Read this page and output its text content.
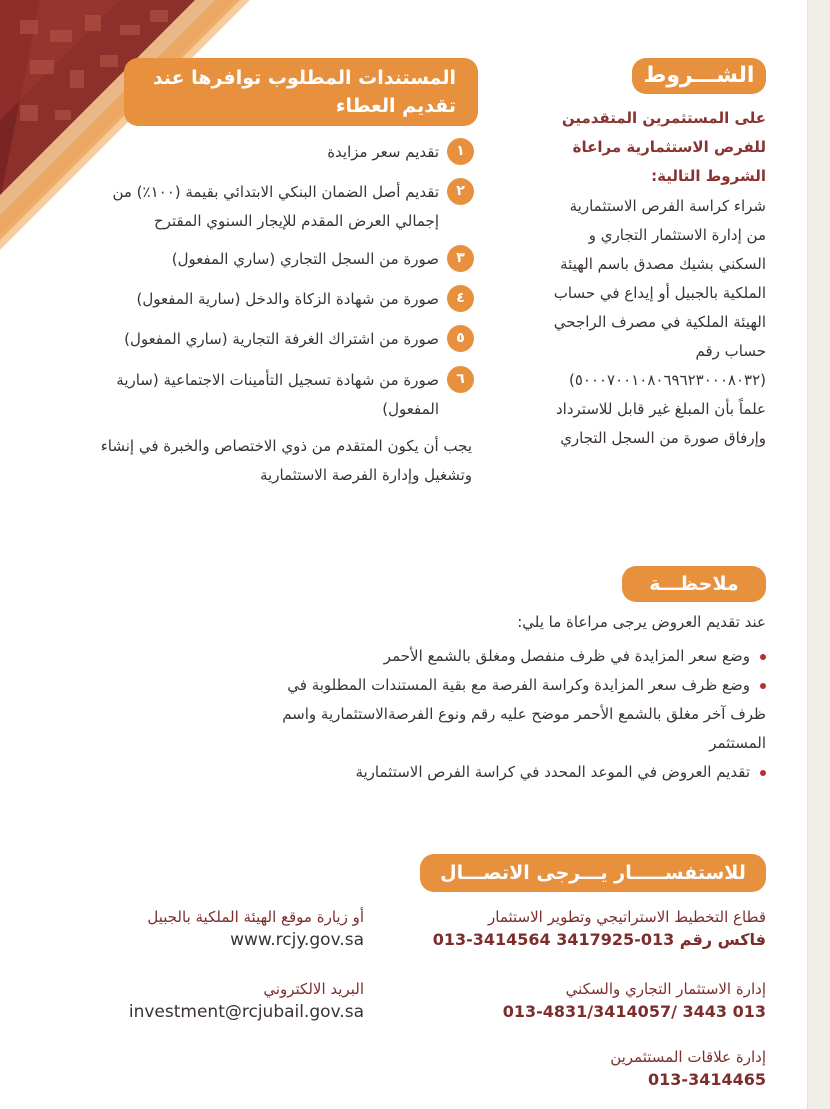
الشـــروط
على المستثمرين المتقدمين للفرص الاستثمارية مراعاة الشروط التالية:
شراء كراسة الفرص الاستثمارية من إدارة الاستثمار التجاري و السكني بشيك مصدق باسم الهيئة الملكية بالجبيل أو إيداع في حساب الهيئة الملكية في مصرف الراجحي حساب رقم (٥٠٠٠٧٠٠١٠٨٠٦٩٦٢٣٠٠٠٨٠٣٢) علماً بأن المبلغ غير قابل للاسترداد وإرفاق صورة من السجل التجاري
المستندات المطلوب توافرها عند تقديم العطاء
١
تقديم سعر مزايدة
٢
تقديم أصل الضمان البنكي الابتدائي بقيمة (١٠٠٪) من إجمالي العرض المقدم للإيجار السنوي المقترح
٣
صورة من السجل التجاري (ساري المفعول)
٤
صورة من شهادة الزكاة والدخل (سارية المفعول)
٥
صورة من اشتراك الغرفة التجارية (ساري المفعول)
٦
صورة من شهادة تسجيل التأمينات الاجتماعية (سارية المفعول)
يجب أن يكون المتقدم من ذوي الاختصاص والخبرة في إنشاء وتشغيل وإدارة الفرصة الاستثمارية
ملاحظـــة
عند تقديم العروض يرجى مراعاة ما يلي:
وضع سعر المزايدة في ظرف منفصل ومغلق بالشمع الأحمر
وضع ظرف سعر المزايدة وكراسة الفرصة مع بقية المستندات المطلوبة في ظرف آخر مغلق بالشمع الأحمر موضح عليه رقم ونوع الفرصةالاستثمارية واسم المستثمر
تقديم العروض في الموعد المحدد في كراسة الفرص الاستثمارية
للاستفســـــار يـــرجى الاتصـــال
قطاع التخطيط الاستراتيجي وتطوير الاستثمار
013-3414564 فاكس رقم 013-3417925
إدارة الاستثمار التجاري والسكني
013-4831/3414057/ 3443 013
إدارة علاقات المستثمرين
013-3414465
أو زيارة موقع الهيئة الملكية بالجبيل
www.rcjy.gov.sa
البريد الالكتروني
investment@rcjubail.gov.sa
